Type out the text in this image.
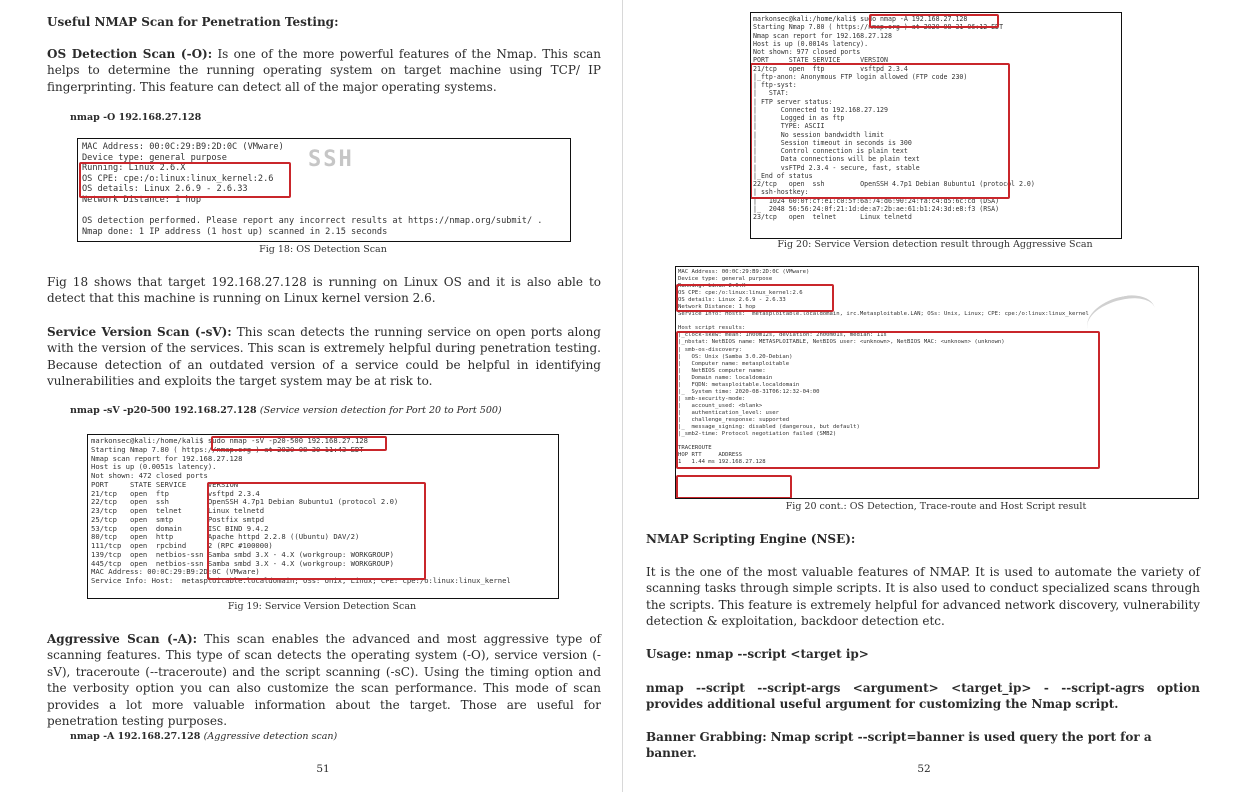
Useful NMAP Scan for Penetration Testing:

OS Detection Scan (-O): Is one of the more powerful features of the Nmap. This scan helps to determine the running operating system on target machine using TCP/ IP fingerprinting. This feature can detect all of the major operating systems.

nmap -O 192.168.27.128
SSH
MAC Address: 00:0C:29:B9:2D:0C (VMware)
Device type: general purpose
Running: Linux 2.6.X
OS CPE: cpe:/o:linux:linux_kernel:2.6
OS details: Linux 2.6.9 - 2.6.33
Network Distance: 1 hop

OS detection performed. Please report any incorrect results at https://nmap.org/submit/ .
Nmap done: 1 IP address (1 host up) scanned in 2.15 seconds
Fig 18: OS Detection Scan

Fig 18 shows that target 192.168.27.128 is running on Linux OS and it is also able to detect that this machine is running on Linux kernel version 2.6.

Service Version Scan (-sV): This scan detects the running service on open ports along with the version of the services. This scan is extremely helpful during penetration testing. Because detection of an outdated version of a service could be helpful in identifying vulnerabilities and exploits the target system may be at risk to.

nmap -sV -p20-500 192.168.27.128 (Service version detection for Port 20 to Port 500)
markonsec@kali:/home/kali$ sudo nmap -sV -p20-500 192.168.27.128
Starting Nmap 7.80 ( https://nmap.org ) at 2020-08-30 11:43 EDT
Nmap scan report for 192.168.27.128
Host is up (0.0051s latency).
Not shown: 472 closed ports
PORT     STATE SERVICE     VERSION
21/tcp   open  ftp         vsftpd 2.3.4
22/tcp   open  ssh         OpenSSH 4.7p1 Debian 8ubuntu1 (protocol 2.0)
23/tcp   open  telnet      Linux telnetd
25/tcp   open  smtp        Postfix smtpd
53/tcp   open  domain      ISC BIND 9.4.2
80/tcp   open  http        Apache httpd 2.2.8 ((Ubuntu) DAV/2)
111/tcp  open  rpcbind     2 (RPC #100000)
139/tcp  open  netbios-ssn Samba smbd 3.X - 4.X (workgroup: WORKGROUP)
445/tcp  open  netbios-ssn Samba smbd 3.X - 4.X (workgroup: WORKGROUP)
MAC Address: 00:0C:29:B9:2D:0C (VMware)
Service Info: Host:  metasploitable.localdomain; OSs: Unix, Linux; CPE: cpe:/o:linux:linux_kernel
Fig 19: Service Version Detection Scan

Aggressive Scan (-A): This scan enables the advanced and most aggressive type of scanning features. This type of scan detects the operating system (-O), service version (-sV), traceroute (--traceroute) and the script scanning (-sC). Using the timing option and the verbosity option you can also customize the scan performance. This mode of scan provides a lot more valuable information about the target. Those are useful for penetration testing purposes.

nmap -A 192.168.27.128 (Aggressive detection scan)
51
markonsec@kali:/home/kali$ sudo nmap -A 192.168.27.128
Starting Nmap 7.80 ( https://nmap.org ) at 2020-08-31 06:12 EDT
Nmap scan report for 192.168.27.128
Host is up (0.0014s latency).
Not shown: 977 closed ports
PORT     STATE SERVICE     VERSION
21/tcp   open  ftp         vsftpd 2.3.4
|_ftp-anon: Anonymous FTP login allowed (FTP code 230)
| ftp-syst:
|   STAT:
| FTP server status:
|      Connected to 192.168.27.129
|      Logged in as ftp
|      TYPE: ASCII
|      No session bandwidth limit
|      Session timeout in seconds is 300
|      Control connection is plain text
|      Data connections will be plain text
|      vsFTPd 2.3.4 - secure, fast, stable
|_End of status
22/tcp   open  ssh         OpenSSH 4.7p1 Debian 8ubuntu1 (protocol 2.0)
| ssh-hostkey:
|   1024 60:0f:cf:e1:c0:5f:6a:74:d6:90:24:fa:c4:d5:6c:cd (DSA)
|_  2048 56:56:24:0f:21:1d:de:a7:2b:ae:61:b1:24:3d:e8:f3 (RSA)
23/tcp   open  telnet      Linux telnetd
Fig 20: Service Version detection result through Aggressive Scan
MAC Address: 00:0C:29:B9:2D:0C (VMware)
Device type: general purpose
Running: Linux 2.6.X
OS CPE: cpe:/o:linux:linux_kernel:2.6
OS details: Linux 2.6.9 - 2.6.33
Network Distance: 1 hop
Service Info: Hosts:  metasploitable.localdomain, irc.Metasploitable.LAN; OSs: Unix, Linux; CPE: cpe:/o:linux:linux_kernel

Host script results:
|_clock-skew: mean: 1h00m12s, deviation: 2h00m01s, median: 11s
|_nbstat: NetBIOS name: METASPLOITABLE, NetBIOS user: <unknown>, NetBIOS MAC: <unknown> (unknown)
| smb-os-discovery:
|   OS: Unix (Samba 3.0.20-Debian)
|   Computer name: metasploitable
|   NetBIOS computer name:
|   Domain name: localdomain
|   FQDN: metasploitable.localdomain
|_  System time: 2020-08-31T06:12:32-04:00
| smb-security-mode:
|   account_used: <blank>
|   authentication_level: user
|   challenge_response: supported
|_  message_signing: disabled (dangerous, but default)
|_smb2-time: Protocol negotiation failed (SMB2)

TRACEROUTE
HOP RTT     ADDRESS
1   1.44 ms 192.168.27.128
Fig 20 cont.: OS Detection, Trace-route and Host Script result

NMAP Scripting Engine (NSE):

It is the one of the most valuable features of NMAP. It is used to automate the variety of scanning tasks through simple scripts. It is also used to conduct specialized scans through the scripts. This feature is extremely helpful for advanced network discovery, vulnerability detection & exploitation, backdoor detection etc.

Usage: nmap --script <target ip>

nmap --script --script-args <argument> <target_ip> - --script-agrs option provides additional useful argument for customizing the Nmap script.

Banner Grabbing: Nmap script --script=banner is used query the port for a banner.

52
